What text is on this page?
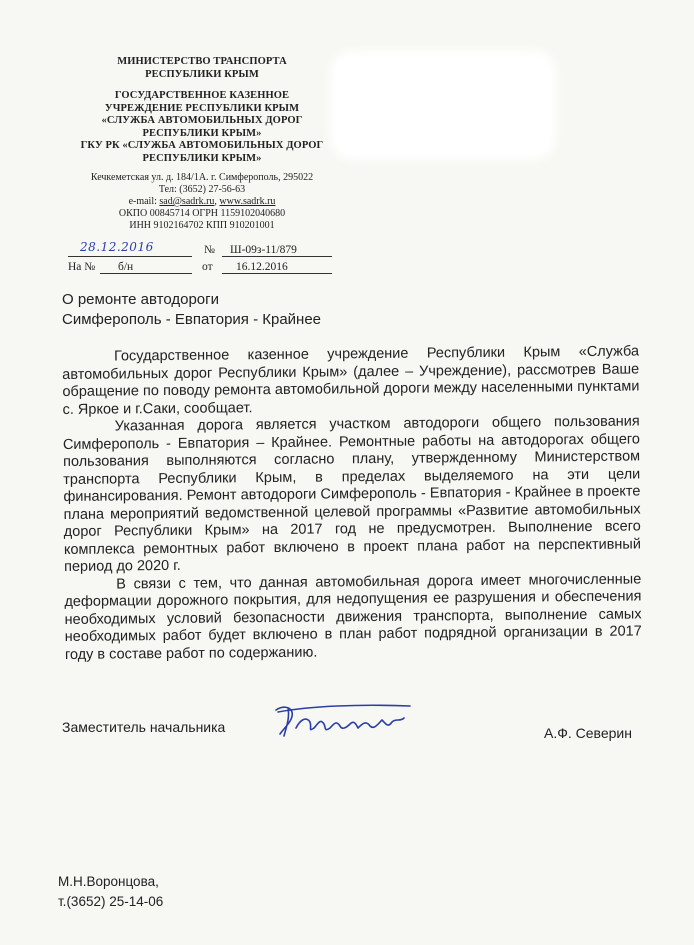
МИНИСТЕРСТВО ТРАНСПОРТА
РЕСПУБЛИКИ КРЫМ
ГОСУДАРСТВЕННОЕ КАЗЕННОЕ
УЧРЕЖДЕНИЕ РЕСПУБЛИКИ КРЫМ
«СЛУЖБА АВТОМОБИЛЬНЫХ ДОРОГ
РЕСПУБЛИКИ КРЫМ»
ГКУ РК «СЛУЖБА АВТОМОБИЛЬНЫХ ДОРОГ
РЕСПУБЛИКИ КРЫМ»
Кечкеметская ул. д. 184/1А. г. Симферополь, 295022
Тел: (3652) 27-56-63
e-mail: sad@sadrk.ru, www.sadrk.ru
ОКПО 00845714 ОГРН 1159102040680
ИНН 9102164702 КПП 910201001
28.12.2016	№ Ш-09з-11/879
На № б/н	от 16.12.2016
О ремонте автодороги
Симферополь - Евпатория - Крайнее

Государственное казенное учреждение Республики Крым «Служба автомобильных дорог Республики Крым» (далее – Учреждение), рассмотрев Ваше обращение по поводу ремонта автомобильной дороги между населенными пунктами с. Яркое и г.Саки, сообщает.

Указанная дорога является участком автодороги общего пользования Симферополь - Евпатория – Крайнее. Ремонтные работы на автодорогах общего пользования выполняются согласно плану, утвержденному Министерством транспорта Республики Крым, в пределах выделяемого на эти цели финансирования. Ремонт автодороги Симферополь - Евпатория - Крайнее в проекте плана мероприятий ведомственной целевой программы «Развитие автомобильных дорог Республики Крым» на 2017 год не предусмотрен. Выполнение всего комплекса ремонтных работ включено в проект плана работ на перспективный период до 2020 г.

В связи с тем, что данная автомобильная дорога имеет многочисленные деформации дорожного покрытия, для недопущения ее разрушения и обеспечения необходимых условий безопасности движения транспорта, выполнение самых необходимых работ будет включено в план работ подрядной организации в 2017 году в составе работ по содержанию.

Заместитель начальника	А.Ф. Северин
М.Н.Воронцова,
т.(3652) 25-14-06
